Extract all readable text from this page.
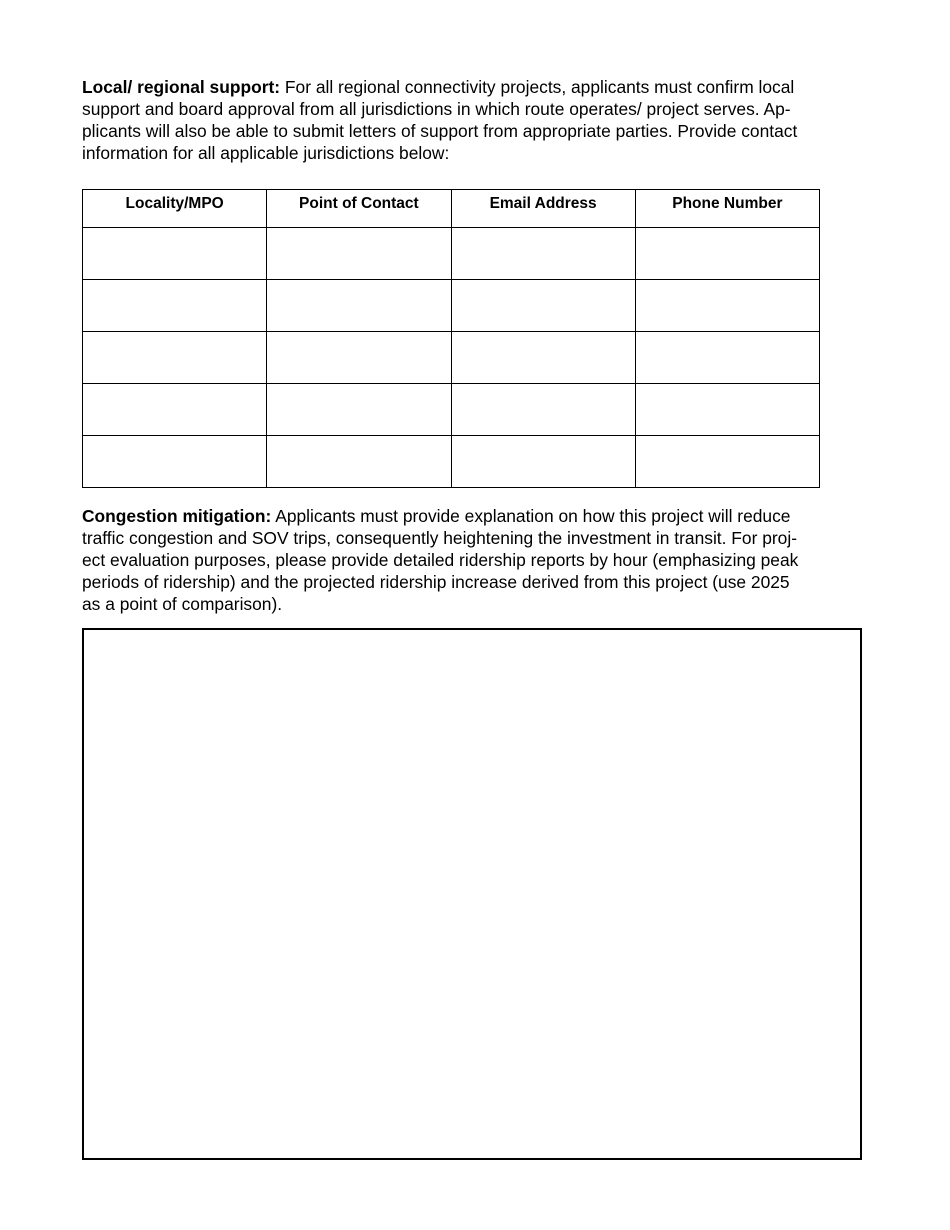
Local/ regional support: For all regional connectivity projects, applicants must confirm local
support and board approval from all jurisdictions in which route operates/ project serves. Ap-
plicants will also be able to submit letters of support from appropriate parties. Provide contact
information for all applicable jurisdictions below:

Locality/MPO	Point of Contact	Email Address	Phone Number

Congestion mitigation: Applicants must provide explanation on how this project will reduce
traffic congestion and SOV trips, consequently heightening the investment in transit. For proj-
ect evaluation purposes, please provide detailed ridership reports by hour (emphasizing peak
periods of ridership) and the projected ridership increase derived from this project (use 2025
as a point of comparison).
